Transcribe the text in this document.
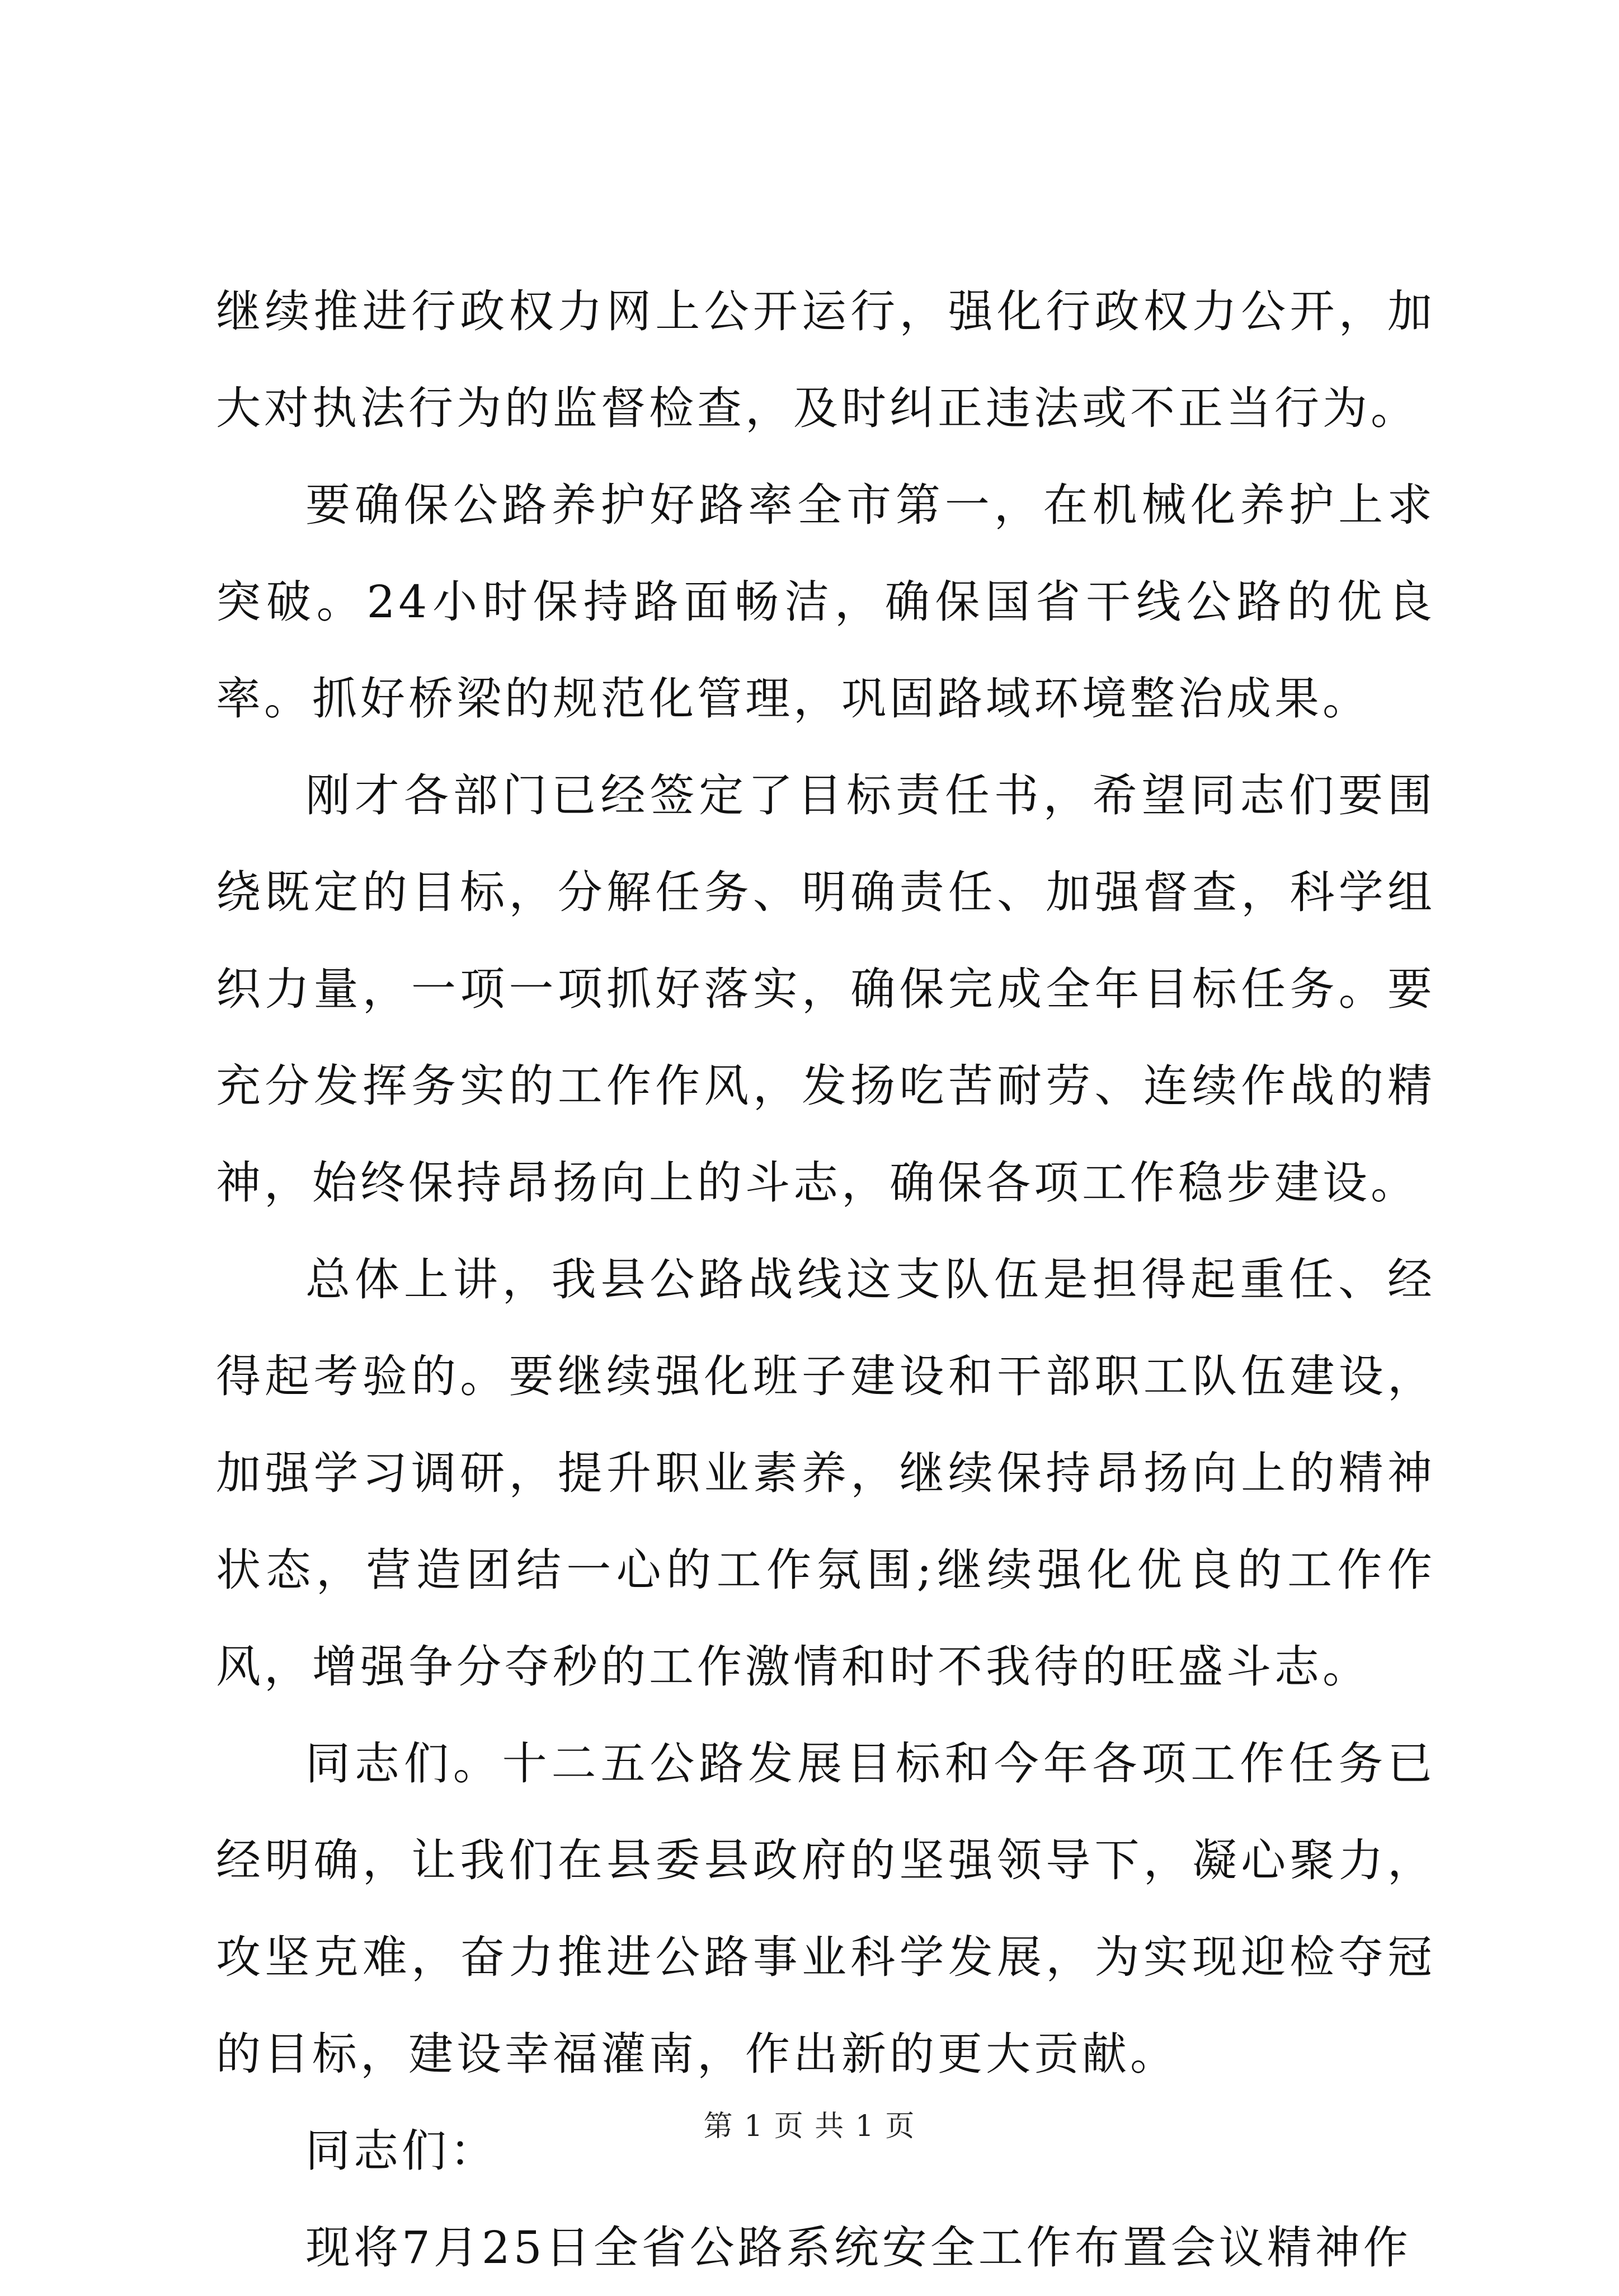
继续推进行政权力网上公开运行，强化行政权力公开，加大对执法行为的监督检查，及时纠正违法或不正当行为。

要确保公路养护好路率全市第一，在机械化养护上求突破。24小时保持路面畅洁，确保国省干线公路的优良率。抓好桥梁的规范化管理，巩固路域环境整治成果。

刚才各部门已经签定了目标责任书，希望同志们要围绕既定的目标，分解任务、明确责任、加强督查，科学组织力量，一项一项抓好落实，确保完成全年目标任务。要充分发挥务实的工作作风，发扬吃苦耐劳、连续作战的精神，始终保持昂扬向上的斗志，确保各项工作稳步建设。

总体上讲，我县公路战线这支队伍是担得起重任、经得起考验的。要继续强化班子建设和干部职工队伍建设，加强学习调研，提升职业素养，继续保持昂扬向上的精神状态，营造团结一心的工作氛围;继续强化优良的工作作风，增强争分夺秒的工作激情和时不我待的旺盛斗志。

同志们。十二五公路发展目标和今年各项工作任务已经明确，让我们在县委县政府的坚强领导下，凝心聚力，攻坚克难，奋力推进公路事业科学发展，为实现迎检夺冠的目标，建设幸福灌南，作出新的更大贡献。

同志们：

现将7月25日全省公路系统安全工作布置会议精神作

第 1 页 共 1 页
